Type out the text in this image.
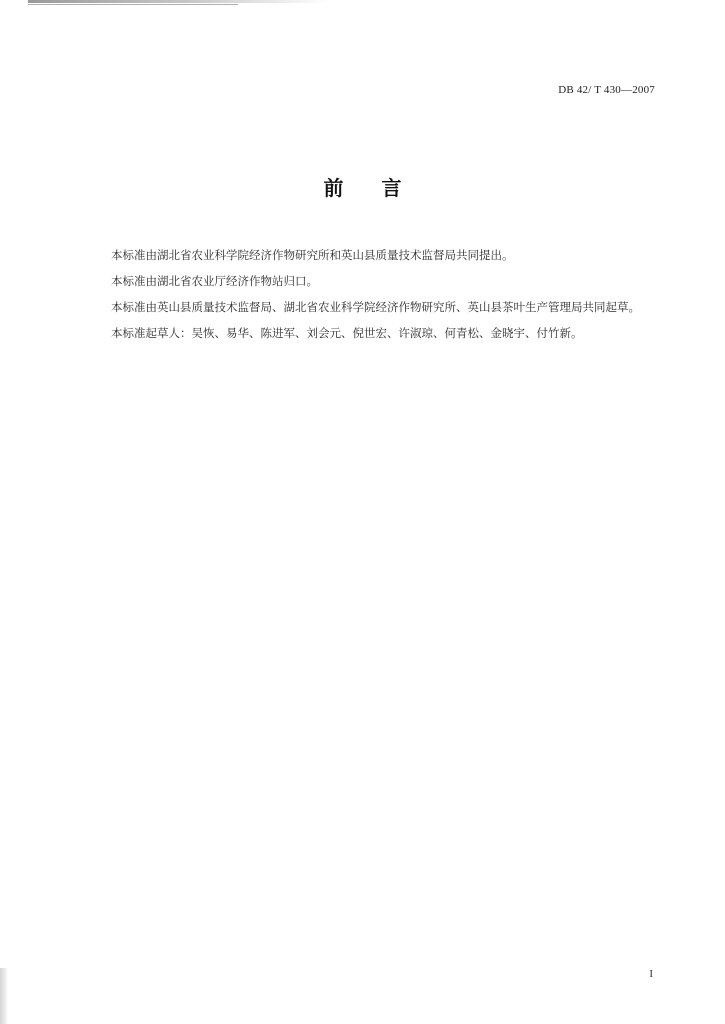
DB 42/ T 430—2007
前 言

本标准由湖北省农业科学院经济作物研究所和英山县质量技术监督局共同提出。

本标准由湖北省农业厅经济作物站归口。

本标准由英山县质量技术监督局、湖北省农业科学院经济作物研究所、英山县茶叶生产管理局共同起草。

本标准起草人：吴恢、易华、陈进军、刘会元、倪世宏、许淑琼、何青松、金晓宇、付竹新。

I
